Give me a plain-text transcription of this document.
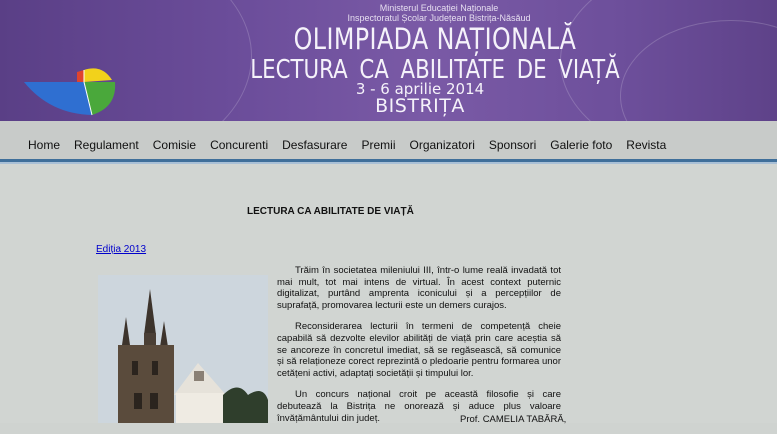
Ministerul Educației Naționale
Inspectoratul Școlar Județean Bistrița-Năsăud
OLIMPIADA NAȚIONALĂ
LECTURA CA ABILITATE DE VIAȚĂ
3 - 6 aprilie 2014
BISTRIȚA
Home Regulament Comisie Concurenti Desfasurare Premii Organizatori Sponsori Galerie foto Revista
LECTURA CA ABILITATE DE VIAȚĂ
Ediția 2013

Trăim în societatea mileniului III, într-o lume reală invadată tot mai mult, tot mai intens de virtual. În acest context puternic digitalizat, purtând amprenta iconicului și a percepțiilor de suprafață, promovarea lecturii este un demers curajos.

Reconsiderarea lecturii în termeni de competență cheie capabilă să dezvolte elevilor abilități de viață prin care aceștia să se ancoreze în concretul imediat, să se regăsească, să comunice și să relaționeze corect reprezintă o pledoarie pentru formarea unor cetățeni activi, adaptați societății și timpului lor.

Un concurs național croit pe această filosofie și care debutează la Bistrița ne onorează și aduce plus valoare învățământului din județ.	Prof. CAMELIA TABĂRĂ,
